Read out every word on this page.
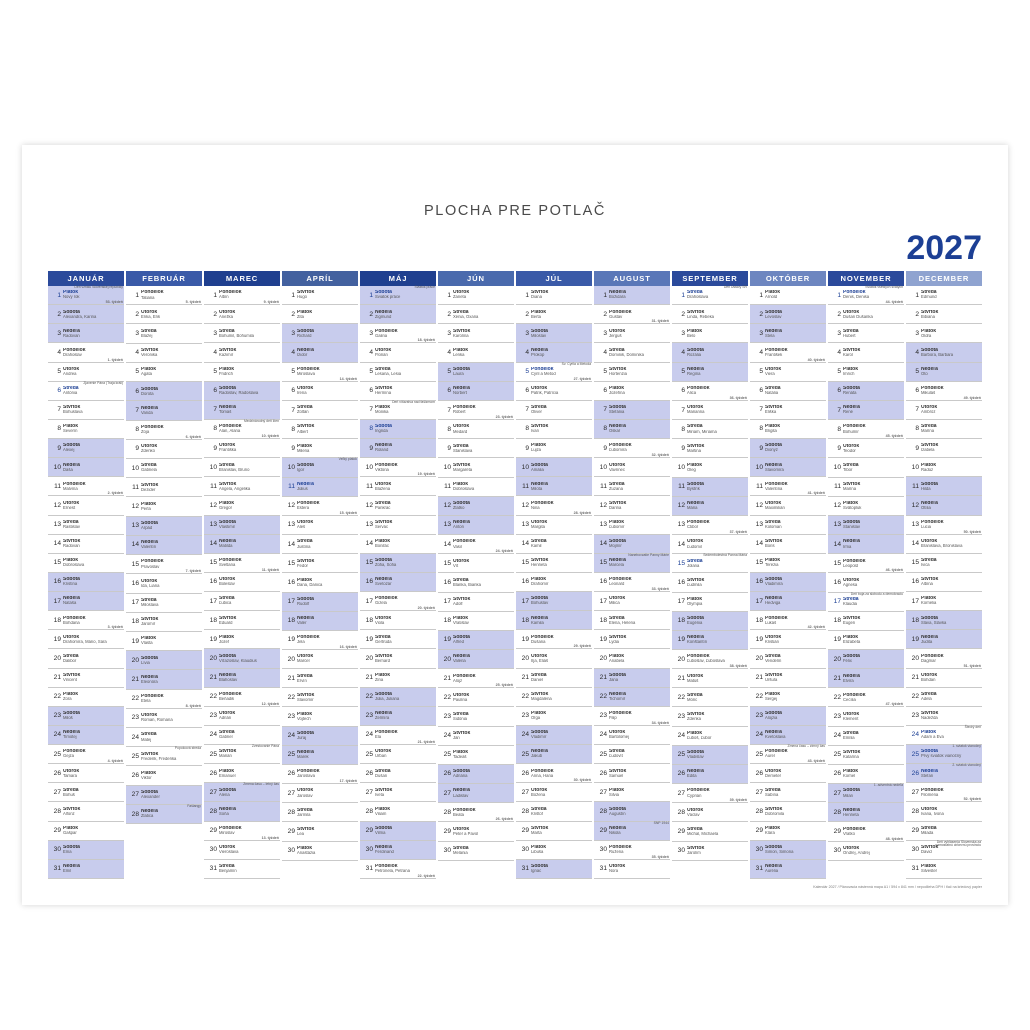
PLOCHA PRE POTLAČ
2027
JANUÁR
1 Piatok
Nový rok
Deň vzniku Slovenskej republiky
53. týždeň
2 Sobota
Alexandra, Karina
3 Nedeľa
Radovan
4 Pondelok
Drahoslav
1. týždeň
5 Utorok
Andrea
6 Streda
Antónia
Zjavenie Pána (Traja králi)
7 Štvrtok
Bohuslava
8 Piatok
Severín
9 Sobota
Alexej
10 Nedeľa
Dáša
11 Pondelok
Malvína
2. týždeň
12 Utorok
Ernest
13 Streda
Rastislav
14 Štvrtok
Radovan
15 Piatok
Dobroslava
16 Sobota
Kristína
17 Nedeľa
Nataša
18 Pondelok
Bohdana
3. týždeň
19 Utorok
Drahomíra, Mário, Sára
20 Streda
Dalibor
21 Štvrtok
Vincent
22 Piatok
Zora
23 Sobota
Miloš
24 Nedeľa
Timotej
25 Pondelok
Gejza
4. týždeň
26 Utorok
Tamara
27 Streda
Bohuš
28 Štvrtok
Alfonz
29 Piatok
Gašpar
30 Sobota
Ema
31 Nedeľa
Emil
FEBRUÁR
1 Pondelok
Tatiana
5. týždeň
2 Utorok
Erika, Erik
3 Streda
Blažej
4 Štvrtok
Veronika
5 Piatok
Agáta
6 Sobota
Dorota
7 Nedeľa
Vanda
8 Pondelok
Zoja
6. týždeň
9 Utorok
Zdenko
10 Streda
Gabriela
11 Štvrtok
Dezider
12 Piatok
Perla
13 Sobota
Arpád
14 Nedeľa
Valentín
15 Pondelok
Pravoslav
7. týždeň
16 Utorok
Ida, Liana
17 Streda
Miloslava
18 Štvrtok
Jaromír
19 Piatok
Vlasta
20 Sobota
Lívia
21 Nedeľa
Eleonóra
22 Pondelok
Etela
8. týždeň
23 Utorok
Roman, Romana
24 Streda
Matej
25 Štvrtok
Frederik, Frederika
Popolcová streda
26 Piatok
Viktor
27 Sobota
Alexander
28 Nedeľa
Zlatica
Fašiangy
MAREC
1 Pondelok
Albín
9. týždeň
2 Utorok
Anežka
3 Streda
Bohumil, Bohumila
4 Štvrtok
Kazimír
5 Piatok
Fridrich
6 Sobota
Radoslav, Radoslava
7 Nedeľa
Tomáš
8 Pondelok
Alan, Alana
Medzinárodný deň žien
10. týždeň
9 Utorok
Františka
10 Streda
Branislav, Bruno
11 Štvrtok
Angela, Angelika
12 Piatok
Gregor
13 Sobota
Vlastimil
14 Nedeľa
Matilda
15 Pondelok
Svetlana
11. týždeň
16 Utorok
Boleslav
17 Streda
Ľubica
18 Štvrtok
Eduard
19 Piatok
Jozef
20 Sobota
Víťazoslav, Klaudius
21 Nedeľa
Blahoslav
22 Pondelok
Beňadik
12. týždeň
23 Utorok
Adrián
24 Streda
Gabriel
25 Štvrtok
Marián
Zvestovanie Pána
26 Piatok
Emanuel
27 Sobota
Alena
Zmena času – letný čas
28 Nedeľa
Soňa
29 Pondelok
Miroslav
13. týždeň
30 Utorok
Vieroslava
31 Streda
Benjamín
APRÍL
1 Štvrtok
Hugo
2 Piatok
Zita
3 Sobota
Richard
4 Nedeľa
Izidor
5 Pondelok
Miroslava
14. týždeň
6 Utorok
Irena
7 Streda
Zoltán
8 Štvrtok
Albert
9 Piatok
Milena
10 Sobota
Igor
Veľký piatok
11 Nedeľa
Július
12 Pondelok
Estera
15. týždeň
13 Utorok
Aleš
14 Streda
Justína
15 Štvrtok
Fedor
16 Piatok
Dana, Danica
17 Sobota
Rudolf
18 Nedeľa
Valér
19 Pondelok
Jela
16. týždeň
20 Utorok
Marcel
21 Streda
Ervín
22 Štvrtok
Slavomír
23 Piatok
Vojtech
24 Sobota
Juraj
25 Nedeľa
Marek
26 Pondelok
Jaroslava
17. týždeň
27 Utorok
Jaroslav
28 Streda
Jarmila
29 Štvrtok
Lea
30 Piatok
Anastázia
MÁJ
1 Sobota
Sviatok práce
Sviatok práce
2 Nedeľa
Žigmund
3 Pondelok
Galina
18. týždeň
4 Utorok
Florián
5 Streda
Lesana, Lesia
6 Štvrtok
Hermína
7 Piatok
Monika
Deň víťazstva nad fašizmom
8 Sobota
Ingrida
9 Nedeľa
Roland
10 Pondelok
Viktória
19. týždeň
11 Utorok
Blažena
12 Streda
Pankrác
13 Štvrtok
Servác
14 Piatok
Bonifác
15 Sobota
Žofia, Sofia
16 Nedeľa
Svetozár
17 Pondelok
Gizela
20. týždeň
18 Utorok
Viola
19 Streda
Gertrúda
20 Štvrtok
Bernard
21 Piatok
Zina
22 Sobota
Júlia, Juliana
23 Nedeľa
Želmíra
24 Pondelok
Ela
21. týždeň
25 Utorok
Urban
26 Streda
Dušan
27 Štvrtok
Iveta
28 Piatok
Viliam
29 Sobota
Vilma
30 Nedeľa
Ferdinand
31 Pondelok
Petronela, Petrana
22. týždeň
JÚN
1 Utorok
Žaneta
2 Streda
Xénia, Oxana
3 Štvrtok
Karolína
4 Piatok
Lenka
5 Sobota
Laura
6 Nedeľa
Norbert
7 Pondelok
Róbert
23. týždeň
8 Utorok
Medard
9 Streda
Stanislava
10 Štvrtok
Margaréta
11 Piatok
Dobroslava
12 Sobota
Zlatko
13 Nedeľa
Anton
14 Pondelok
Vasil
24. týždeň
15 Utorok
Vít
16 Streda
Blanka, Bianka
17 Štvrtok
Adolf
18 Piatok
Vratislav
19 Sobota
Alfréd
20 Nedeľa
Valéria
21 Pondelok
Alojz
25. týždeň
22 Utorok
Paulína
23 Streda
Sidónia
24 Štvrtok
Ján
25 Piatok
Tadeáš
26 Sobota
Adriána
27 Nedeľa
Ladislav
28 Pondelok
Beáta
26. týždeň
29 Utorok
Peter a Pavol
30 Streda
Melánia
JÚL
1 Štvrtok
Diana
2 Piatok
Berta
3 Sobota
Miloslav
4 Nedeľa
Prokop
5 Pondelok
Cyril a Metod
Sv. Cyrila a Metoda
27. týždeň
6 Utorok
Patrik, Patrícia
7 Streda
Oliver
8 Štvrtok
Ivan
9 Piatok
Lujza
10 Sobota
Amália
11 Nedeľa
Milota
12 Pondelok
Nina
28. týždeň
13 Utorok
Margita
14 Streda
Kamil
15 Štvrtok
Henrieta
16 Piatok
Drahomír
17 Sobota
Bohuslav
18 Nedeľa
Kamila
19 Pondelok
Dušana
29. týždeň
20 Utorok
Iľja, Eliáš
21 Streda
Daniel
22 Štvrtok
Magdaléna
23 Piatok
Oľga
24 Sobota
Vladimír
25 Nedeľa
Jakub
26 Pondelok
Anna, Hana
30. týždeň
27 Utorok
Božena
28 Streda
Krištof
29 Štvrtok
Marta
30 Piatok
Libuša
31 Sobota
Ignác
AUGUST
1 Nedeľa
Božidara
2 Pondelok
Gustáv
31. týždeň
3 Utorok
Jerguš
4 Streda
Dominik, Dominika
5 Štvrtok
Hortenzia
6 Piatok
Jozefína
7 Sobota
Štefánia
8 Nedeľa
Oskar
9 Pondelok
Ľubomíra
32. týždeň
10 Utorok
Vavrinec
11 Streda
Zuzana
12 Štvrtok
Darina
13 Piatok
Ľubomír
14 Sobota
Mojmír
15 Nedeľa
Marcela
Nanebovzatie Panny Márie
16 Pondelok
Leonard
33. týždeň
17 Utorok
Milica
18 Streda
Elena, Helena
19 Štvrtok
Lýdia
20 Piatok
Anabela
21 Sobota
Jana
22 Nedeľa
Tichomír
23 Pondelok
Filip
34. týždeň
24 Utorok
Bartolomej
25 Streda
Ľudovít
26 Štvrtok
Samuel
27 Piatok
Silvia
28 Sobota
Augustín
29 Nedeľa
Nikola
SNP 1944
30 Pondelok
Ružena
35. týždeň
31 Utorok
Nora
SEPTEMBER
1 Streda
Drahoslava
Deň Ústavy SR
2 Štvrtok
Linda, Rebeka
3 Piatok
Belo
4 Sobota
Rozália
5 Nedeľa
Regína
6 Pondelok
Alica
36. týždeň
7 Utorok
Marianna
8 Streda
Miriam, Miriama
9 Štvrtok
Martina
10 Piatok
Oleg
11 Sobota
Bystrík
12 Nedeľa
Mária
13 Pondelok
Ctibor
37. týždeň
14 Utorok
Ľudomil
15 Streda
Jolana
Sedembolestná Panna Mária
16 Štvrtok
Ľudmila
17 Piatok
Olympia
18 Sobota
Eugénia
19 Nedeľa
Konštantín
20 Pondelok
Ľuboslav, Ľuboslava
38. týždeň
21 Utorok
Matúš
22 Streda
Móric
23 Štvrtok
Zdenka
24 Piatok
Ľuboš, Ľubor
25 Sobota
Vladislav
26 Nedeľa
Edita
27 Pondelok
Cyprián
39. týždeň
28 Utorok
Václav
29 Streda
Michal, Michaela
30 Štvrtok
Jarolím
OKTÓBER
1 Piatok
Arnold
2 Sobota
Levoslav
3 Nedeľa
Stela
4 Pondelok
František
40. týždeň
5 Utorok
Viera
6 Streda
Natália
7 Štvrtok
Eliška
8 Piatok
Brigita
9 Sobota
Dionýz
10 Nedeľa
Slavomíra
11 Pondelok
Valentína
41. týždeň
12 Utorok
Maximilián
13 Streda
Koloman
14 Štvrtok
Boris
15 Piatok
Terézia
16 Sobota
Vladimíra
17 Nedeľa
Hedviga
18 Pondelok
Lukáš
42. týždeň
19 Utorok
Kristián
20 Streda
Vendelín
21 Štvrtok
Uršuľa
22 Piatok
Sergej
23 Sobota
Alojzia
24 Nedeľa
Kvetoslava
25 Pondelok
Aurel
Zmena času – zimný čas
43. týždeň
26 Utorok
Demeter
27 Streda
Sabína
28 Štvrtok
Dobromila
29 Piatok
Klára
30 Sobota
Šimon, Simona
31 Nedeľa
Aurélia
NOVEMBER
1 Pondelok
Denis, Denisa
Sviatok všetkých svätých
44. týždeň
2 Utorok
Dušan Dušanka
3 Streda
Hubert
4 Štvrtok
Karol
5 Piatok
Imrich
6 Sobota
Renáta
7 Nedeľa
René
8 Pondelok
Bohumír
45. týždeň
9 Utorok
Teodor
10 Streda
Tibor
11 Štvrtok
Marína
12 Piatok
Svätopluk
13 Sobota
Stanislav
14 Nedeľa
Irma
15 Pondelok
Leopold
46. týždeň
16 Utorok
Agnesa
17 Streda
Klaudia
Deň boja za slobodu a demokraciu
18 Štvrtok
Eugen
19 Piatok
Elizabeta
20 Sobota
Félix
21 Nedeľa
Elvíra
22 Pondelok
Cecília
47. týždeň
23 Utorok
Klement
24 Streda
Emília
25 Štvrtok
Katarína
26 Piatok
Kornel
27 Sobota
Milan
1. adventná nedeľa
28 Nedeľa
Henrieta
29 Pondelok
Vratko
48. týždeň
30 Utorok
Ondrej, Andrej
DECEMBER
1 Streda
Edmund
2 Štvrtok
Bibiána
3 Piatok
Oldra
4 Sobota
Barbora, Barbara
5 Nedeľa
Oto
6 Pondelok
Mikuláš
49. týždeň
7 Utorok
Ambróz
8 Streda
Marína
9 Štvrtok
Izabela
10 Piatok
Radúz
11 Sobota
Hilda
12 Nedeľa
Otília
13 Pondelok
Lucia
50. týždeň
14 Utorok
Branislava, Bronislava
15 Streda
Ivica
16 Štvrtok
Albína
17 Piatok
Kornélia
18 Sobota
Sláva, Slávka
19 Nedeľa
Judita
20 Pondelok
Dagmar
51. týždeň
21 Utorok
Bohdan
22 Streda
Adela
23 Štvrtok
Nadežda
24 Piatok
Adam a Eva
Štedrý deň
25 Sobota
Prvý sviatok vianočný
1. sviatok vianočný
26 Nedeľa
Štefan
2. sviatok vianočný
27 Pondelok
Filoména
52. týždeň
28 Utorok
Ivana, Ivona
29 Streda
Milada
30 Štvrtok
Dávid
Deň vyhlásenia Slovenska za samostatnú cirkevnú provinciu
31 Piatok
Silvester
Kalendár 2027 / Plánovacia nástenná mapa A1 / 594 x 841 mm / nepodlieha DPH / tlač na kriedový papier
